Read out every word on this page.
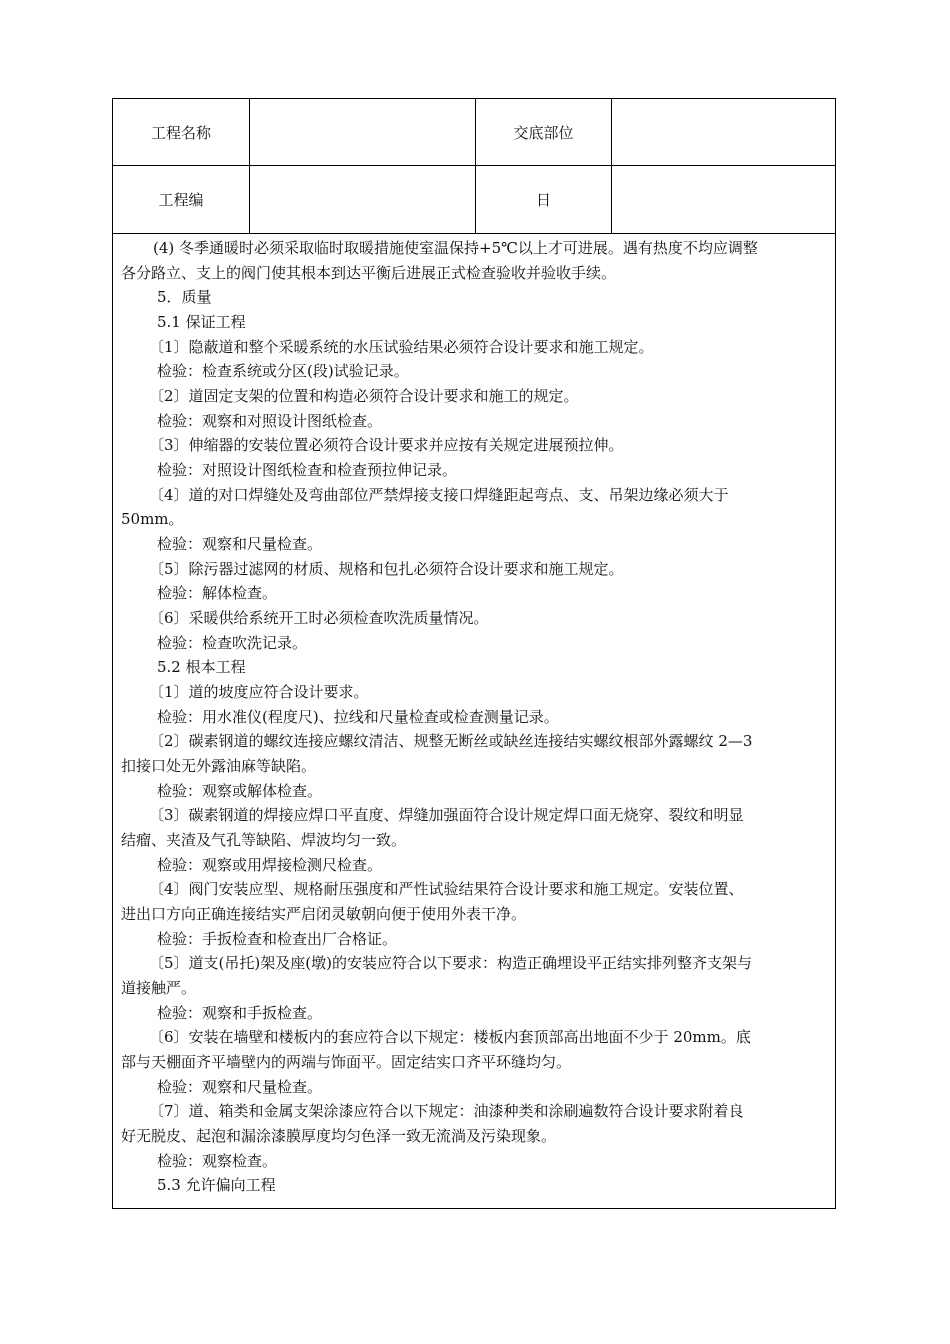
工程名称	交底部位
工程编	日
(4) 冬季通暖时必须采取临时取暖措施使室温保持+5℃以上才可进展。遇有热度不均应调整
各分路立、支上的阀门使其根本到达平衡后进展正式检查验收并验收手续。
5．质量
5.1 保证工程
〔1〕隐蔽道和整个采暖系统的水压试验结果必须符合设计要求和施工规定。
检验：检查系统或分区(段)试验记录。
〔2〕道固定支架的位置和构造必须符合设计要求和施工的规定。
检验：观察和对照设计图纸检查。
〔3〕伸缩器的安装位置必须符合设计要求并应按有关规定进展预拉伸。
检验：对照设计图纸检查和检查预拉伸记录。
〔4〕道的对口焊缝处及弯曲部位严禁焊接支接口焊缝距起弯点、支、吊架边缘必须大于
50mm。
检验：观察和尺量检查。
〔5〕除污器过滤网的材质、规格和包扎必须符合设计要求和施工规定。
检验：解体检查。
〔6〕采暖供给系统开工时必须检查吹洗质量情况。
检验：检查吹洗记录。
5.2 根本工程
〔1〕道的坡度应符合设计要求。
检验：用水准仪(程度尺)、拉线和尺量检查或检查测量记录。
〔2〕碳素钢道的螺纹连接应螺纹清洁、规整无断丝或缺丝连接结实螺纹根部外露螺纹 2—3
扣接口处无外露油麻等缺陷。
检验：观察或解体检查。
〔3〕碳素钢道的焊接应焊口平直度、焊缝加强面符合设计规定焊口面无烧穿、裂纹和明显
结瘤、夹渣及气孔等缺陷、焊波均匀一致。
检验：观察或用焊接检测尺检查。
〔4〕阀门安装应型、规格耐压强度和严性试验结果符合设计要求和施工规定。安装位置、
进出口方向正确连接结实严启闭灵敏朝向便于使用外表干净。
检验：手扳检查和检查出厂合格证。
〔5〕道支(吊托)架及座(墩)的安装应符合以下要求：构造正确埋设平正结实排列整齐支架与
道接触严。
检验：观察和手扳检查。
〔6〕安装在墙壁和楼板内的套应符合以下规定：楼板内套顶部高出地面不少于 20mm。底
部与天棚面齐平墙壁内的两端与饰面平。固定结实口齐平环缝均匀。
检验：观察和尺量检查。
〔7〕道、箱类和金属支架涂漆应符合以下规定：油漆种类和涂刷遍数符合设计要求附着良
好无脱皮、起泡和漏涂漆膜厚度均匀色泽一致无流淌及污染现象。
检验：观察检查。
5.3 允许偏向工程
